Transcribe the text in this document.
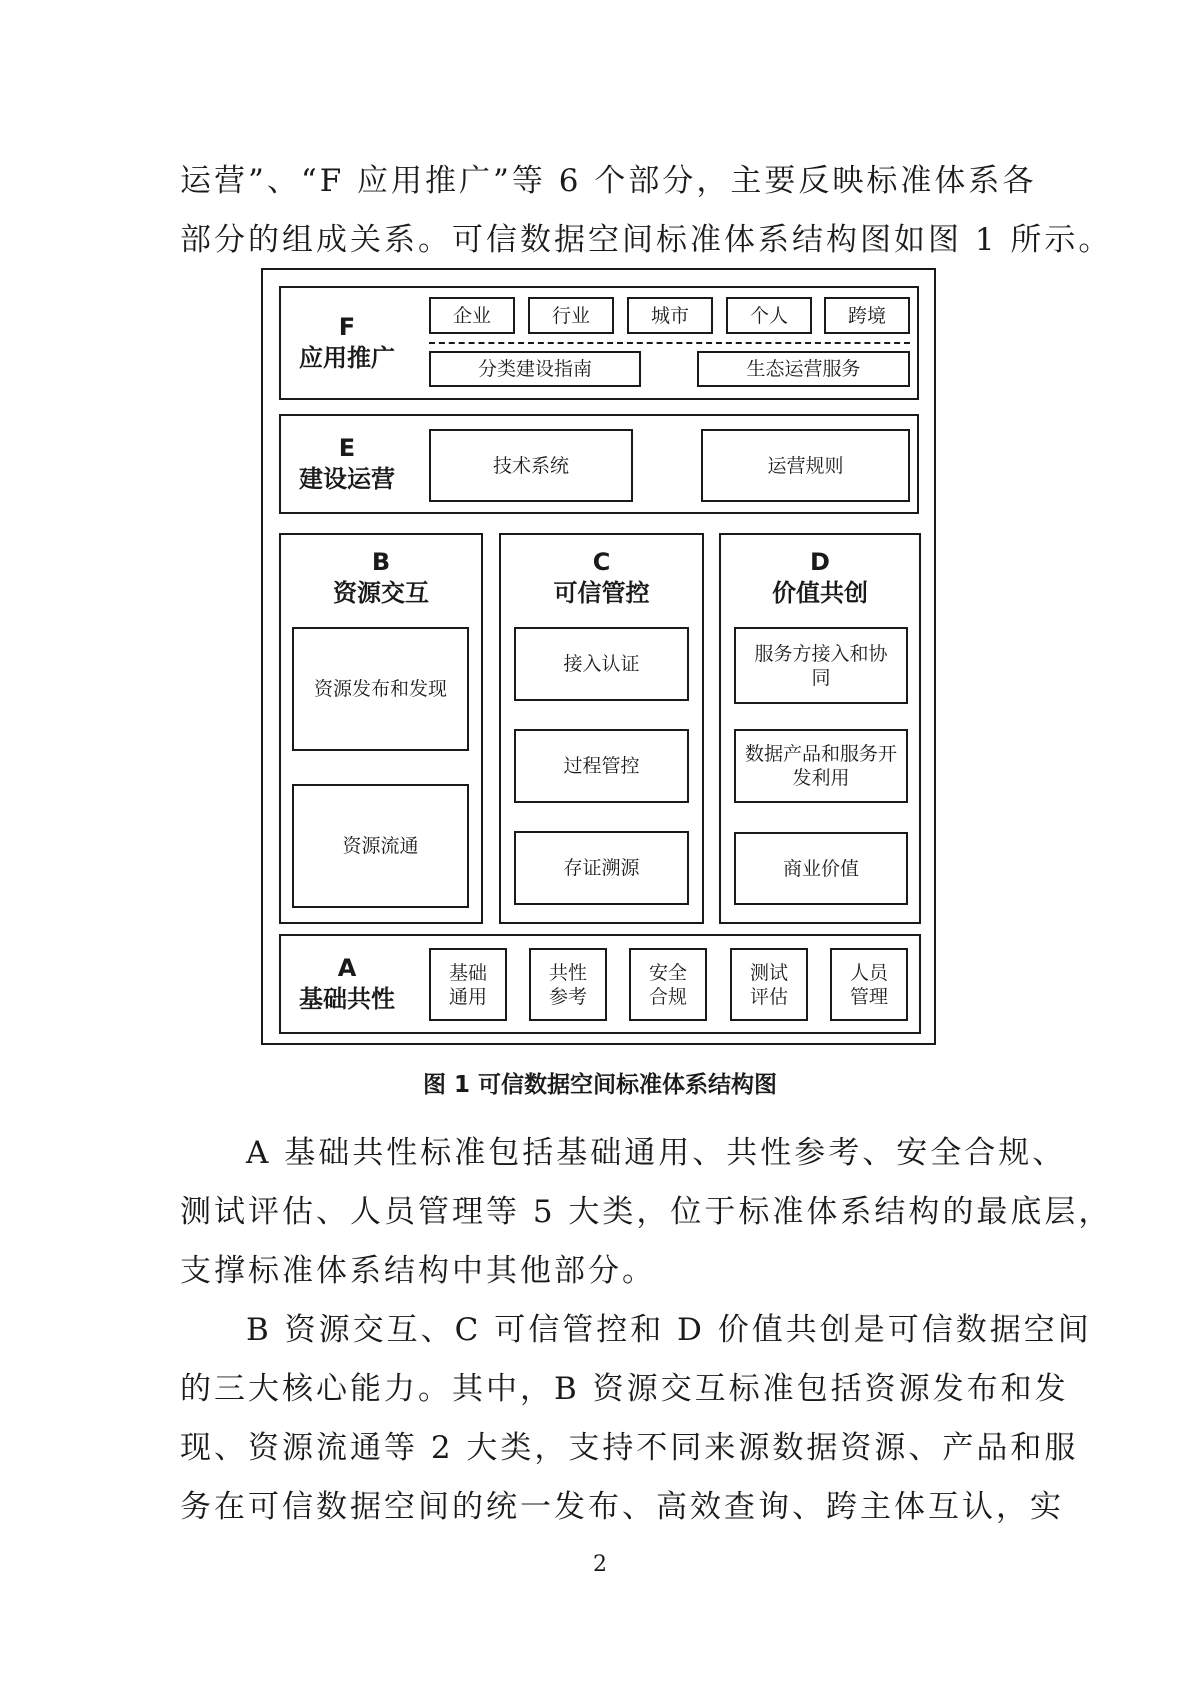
运营”、“F 应用推广”等 6 个部分，主要反映标准体系各
部分的组成关系。可信数据空间标准体系结构图如图 1 所示。
F
应用推广
企业	行业	城市	个人	跨境
分类建设指南	生态运营服务
E
建设运营	技术系统	运营规则
B
资源交互
资源发布和发现
资源流通
C
可信管控
接入认证
过程管控
存证溯源
D
价值共创
服务方接入和协同
数据产品和服务开发利用
商业价值
A
基础共性
基础通用
共性参考
安全合规
测试评估
人员管理
图 1 可信数据空间标准体系结构图
A 基础共性标准包括基础通用、共性参考、安全合规、
测试评估、人员管理等 5 大类，位于标准体系结构的最底层，
支撑标准体系结构中其他部分。
B 资源交互、C 可信管控和 D 价值共创是可信数据空间
的三大核心能力。其中，B 资源交互标准包括资源发布和发
现、资源流通等 2 大类，支持不同来源数据资源、产品和服
务在可信数据空间的统一发布、高效查询、跨主体互认，实
2
